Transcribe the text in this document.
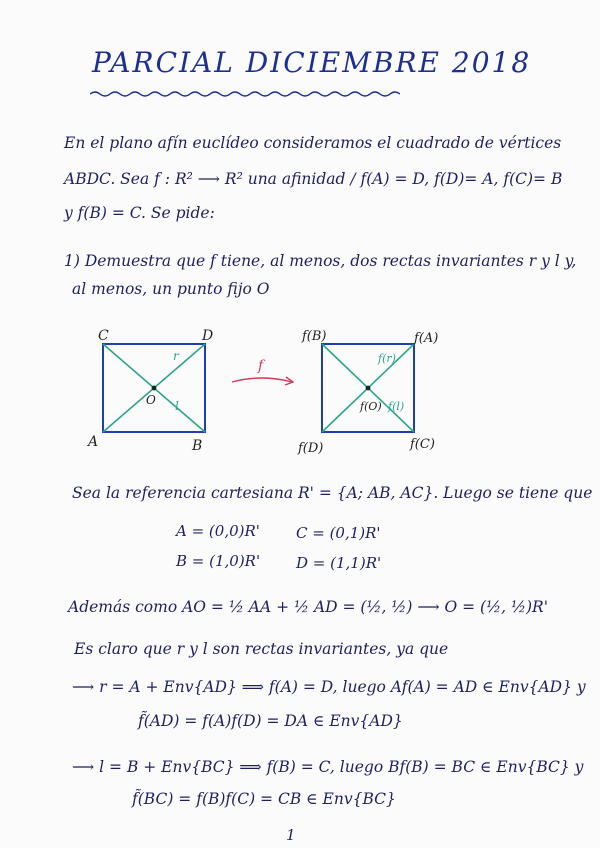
PARCIAL DICIEMBRE 2018
En el plano afín euclídeo consideramos el cuadrado de vértices
ABDC. Sea f : R² ⟶ R² una afinidad / f(A) = D, f(D)= A, f(C)= B
y f(B) = C. Se pide:
1) Demuestra que f tiene, al menos, dos rectas invariantes r y l y,
al menos, un punto fijo O
C	D
A	B
O
r
l
f
f(B)	f(A)
f(D)	f(C)
f(O)
f(r)
f(l)
Sea la referencia cartesiana R' = {A; AB, AC}. Luego se tiene que
A = (0,0)R' C = (0,1)R'
B = (1,0)R' D = (1,1)R'
Además como AO = ½ AA + ½ AD = (½, ½) ⟶ O = (½, ½)R'
Es claro que r y l son rectas invariantes, ya que
⟶ r = A + Env{AD} ⟹ f(A) = D, luego Af(A) = AD ∈ Env{AD} y
f̃(AD) = f(A)f(D) = DA ∈ Env{AD}
⟶ l = B + Env{BC} ⟹ f(B) = C, luego Bf(B) = BC ∈ Env{BC} y
f̃(BC) = f(B)f(C) = CB ∈ Env{BC}
1
